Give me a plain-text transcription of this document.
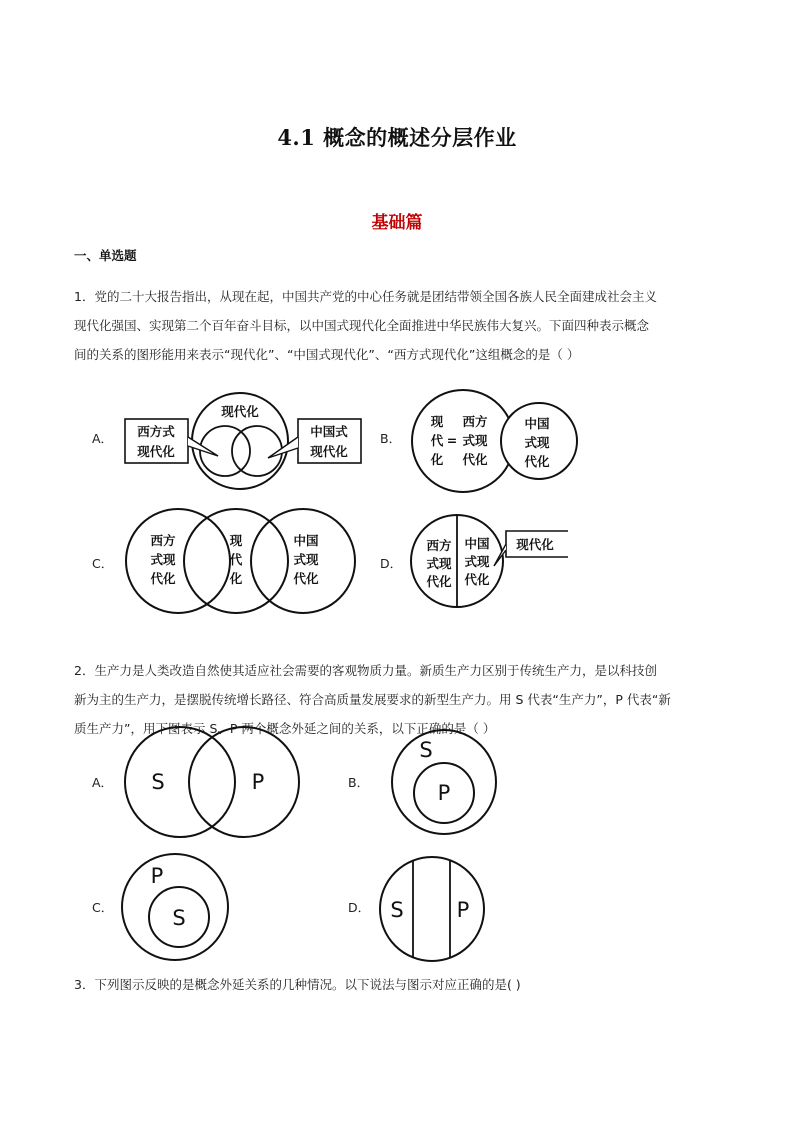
4.1 概念的概述分层作业
基础篇
一、单选题
1．党的二十大报告指出，从现在起，中国共产党的中心任务就是团结带领全国各族人民全面建成社会主义
现代化强国、实现第二个百年奋斗目标，以中国式现代化全面推进中华民族伟大复兴。下面四种表示概念
间的关系的图形能用来表示“现代化”、“中国式现代化”、“西方式现代化”这组概念的是（ ）
A．	B．
C．	D．
现代化
西方式
现代化
中国式
现代化
现
代
化
=
西方
式现
代化
中国
式现
代化
西方
式现
代化
现
代
化
中国
式现
代化
现代化
西方
式现
代化
中国
式现
代化
2．生产力是人类改造自然使其适应社会需要的客观物质力量。新质生产力区别于传统生产力，是以科技创
新为主的生产力，是摆脱传统增长路径、符合高质量发展要求的新型生产力。用 S 代表“生产力”，P 代表“新
质生产力”，用下图表示 S、P 两个概念外延之间的关系，以下正确的是（ ）
A．	B．
C．	D．
S	P
S
P
P
S	S	P
3．下列图示反映的是概念外延关系的几种情况。以下说法与图示对应正确的是( )
